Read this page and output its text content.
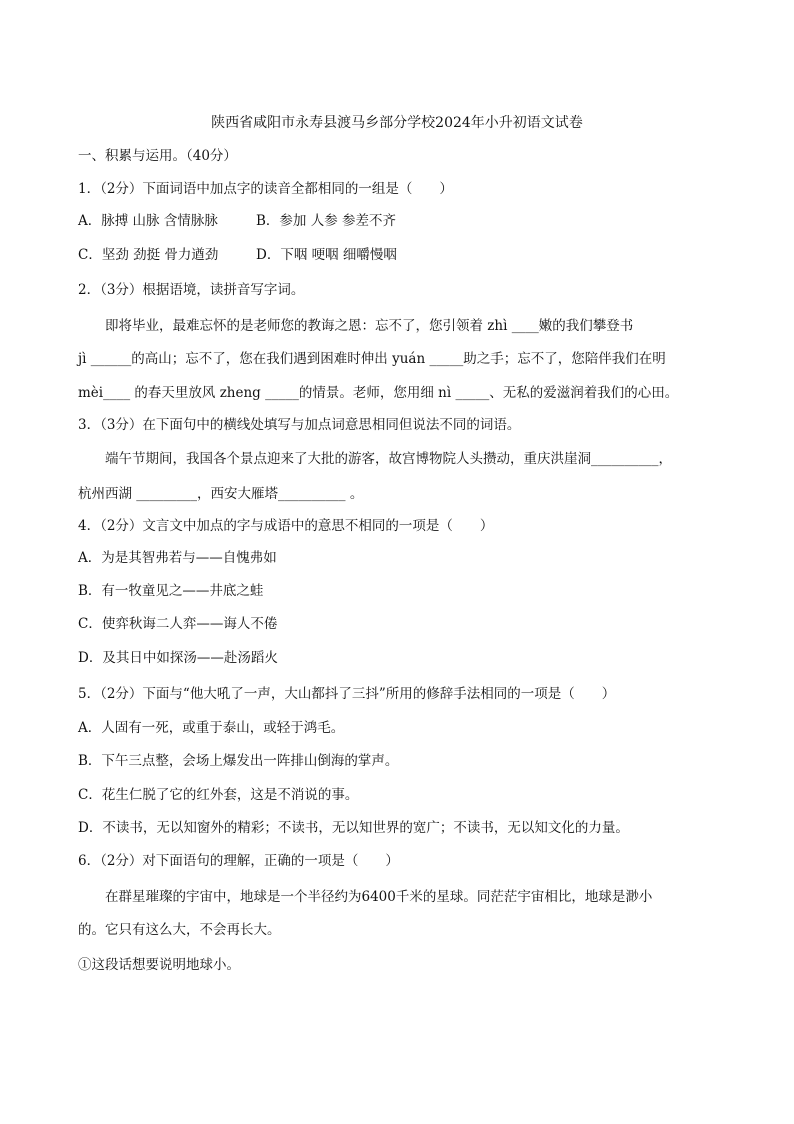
陕西省咸阳市永寿县渡马乡部分学校2024年小升初语文试卷
一、积累与运用。（40分）
1．（2分）下面词语中加点字的读音全都相同的一组是（　　）
A．脉搏 山脉 含情脉脉	B．参加 人参 参差不齐
C．坚劲 劲挺 骨力遒劲	D．下咽 哽咽 细嚼慢咽
2．（3分）根据语境，读拼音写字词。
即将毕业，最难忘怀的是老师您的教诲之恩：忘不了，您引领着 zhì ____嫩的我们攀登书
jì ______的高山；忘不了，您在我们遇到困难时伸出 yuán _____助之手；忘不了，您陪伴我们在明
mèi____ 的春天里放风 zheng _____的情景。老师，您用细 nì _____、无私的爱滋润着我们的心田。
3．（3分）在下面句中的横线处填写与加点词意思相同但说法不同的词语。
端午节期间，我国各个景点迎来了大批的游客，故宫博物院人头攒动，重庆洪崖洞__________，
杭州西湖 _________，西安大雁塔__________ 。
4．（2分）文言文中加点的字与成语中的意思不相同的一项是（　　）
A．为是其智弗若与——自愧弗如
B．有一牧童见之——井底之蛙
C．使弈秋诲二人弈——诲人不倦
D．及其日中如探汤——赴汤蹈火
5．（2分）下面与“他大吼了一声，大山都抖了三抖”所用的修辞手法相同的一项是（　　）
A．人固有一死，或重于泰山，或轻于鸿毛。
B．下午三点整，会场上爆发出一阵排山倒海的掌声。
C．花生仁脱了它的红外套，这是不消说的事。
D．不读书，无以知窗外的精彩；不读书，无以知世界的宽广；不读书，无以知文化的力量。
6．（2分）对下面语句的理解，正确的一项是（　　）
在群星璀璨的宇宙中，地球是一个半径约为6400千米的星球。同茫茫宇宙相比，地球是渺小
的。它只有这么大，不会再长大。
①这段话想要说明地球小。
